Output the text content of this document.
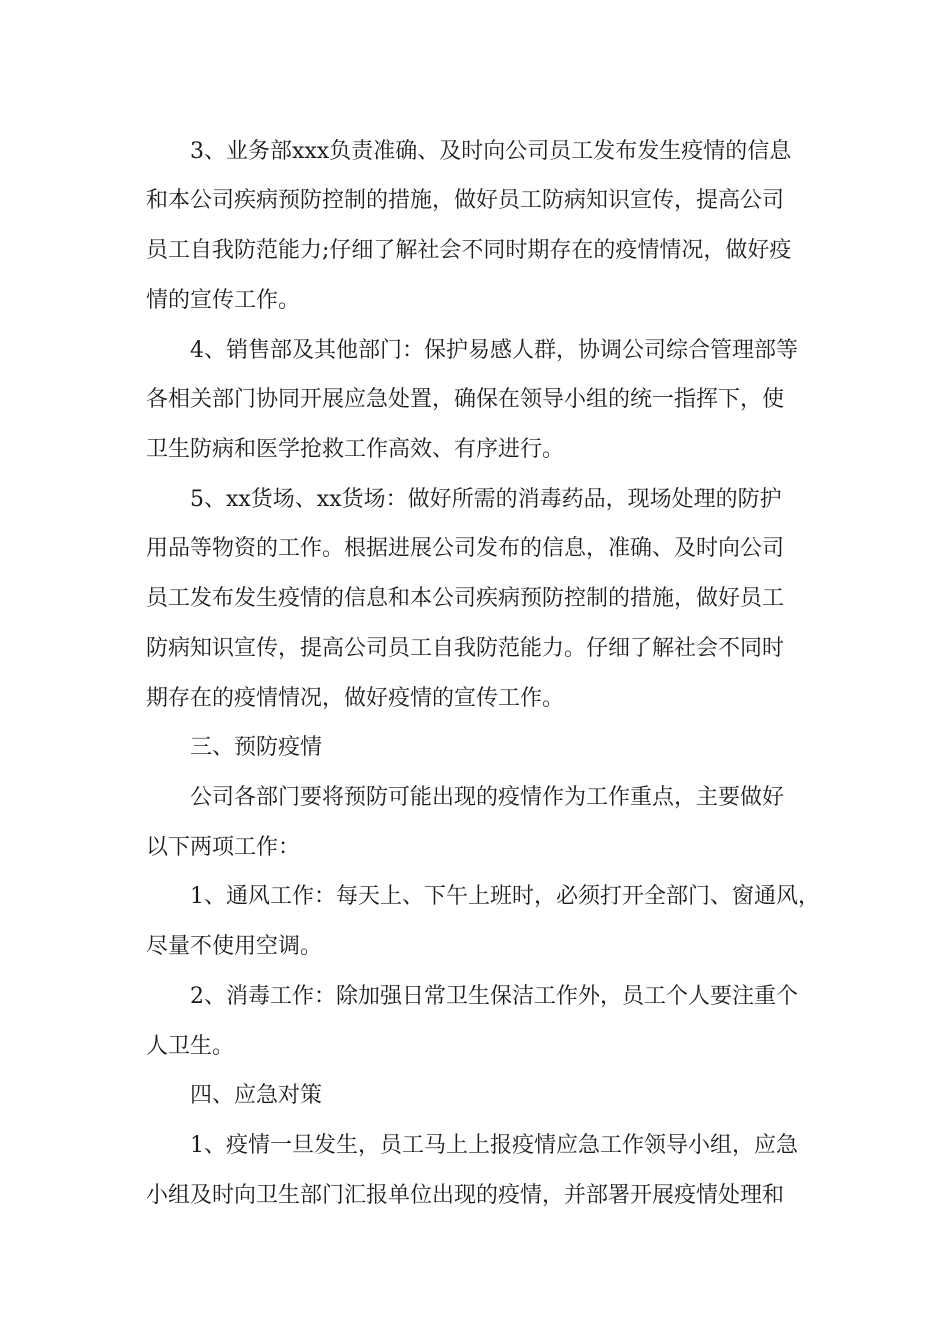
3、业务部xxx负责准确、及时向公司员工发布发生疫情的信息
和本公司疾病预防控制的措施，做好员工防病知识宣传，提高公司
员工自我防范能力;仔细了解社会不同时期存在的疫情情况，做好疫
情的宣传工作。
4、销售部及其他部门：保护易感人群，协调公司综合管理部等
各相关部门协同开展应急处置，确保在领导小组的统一指挥下，使
卫生防病和医学抢救工作高效、有序进行。
5、xx货场、xx货场：做好所需的消毒药品，现场处理的防护
用品等物资的工作。根据进展公司发布的信息，准确、及时向公司
员工发布发生疫情的信息和本公司疾病预防控制的措施，做好员工
防病知识宣传，提高公司员工自我防范能力。仔细了解社会不同时
期存在的疫情情况，做好疫情的宣传工作。
三、预防疫情
公司各部门要将预防可能出现的疫情作为工作重点，主要做好
以下两项工作：
1、通风工作：每天上、下午上班时，必须打开全部门、窗通风，
尽量不使用空调。
2、消毒工作：除加强日常卫生保洁工作外，员工个人要注重个
人卫生。
四、应急对策
1、疫情一旦发生，员工马上上报疫情应急工作领导小组，应急
小组及时向卫生部门汇报单位出现的疫情，并部署开展疫情处理和
